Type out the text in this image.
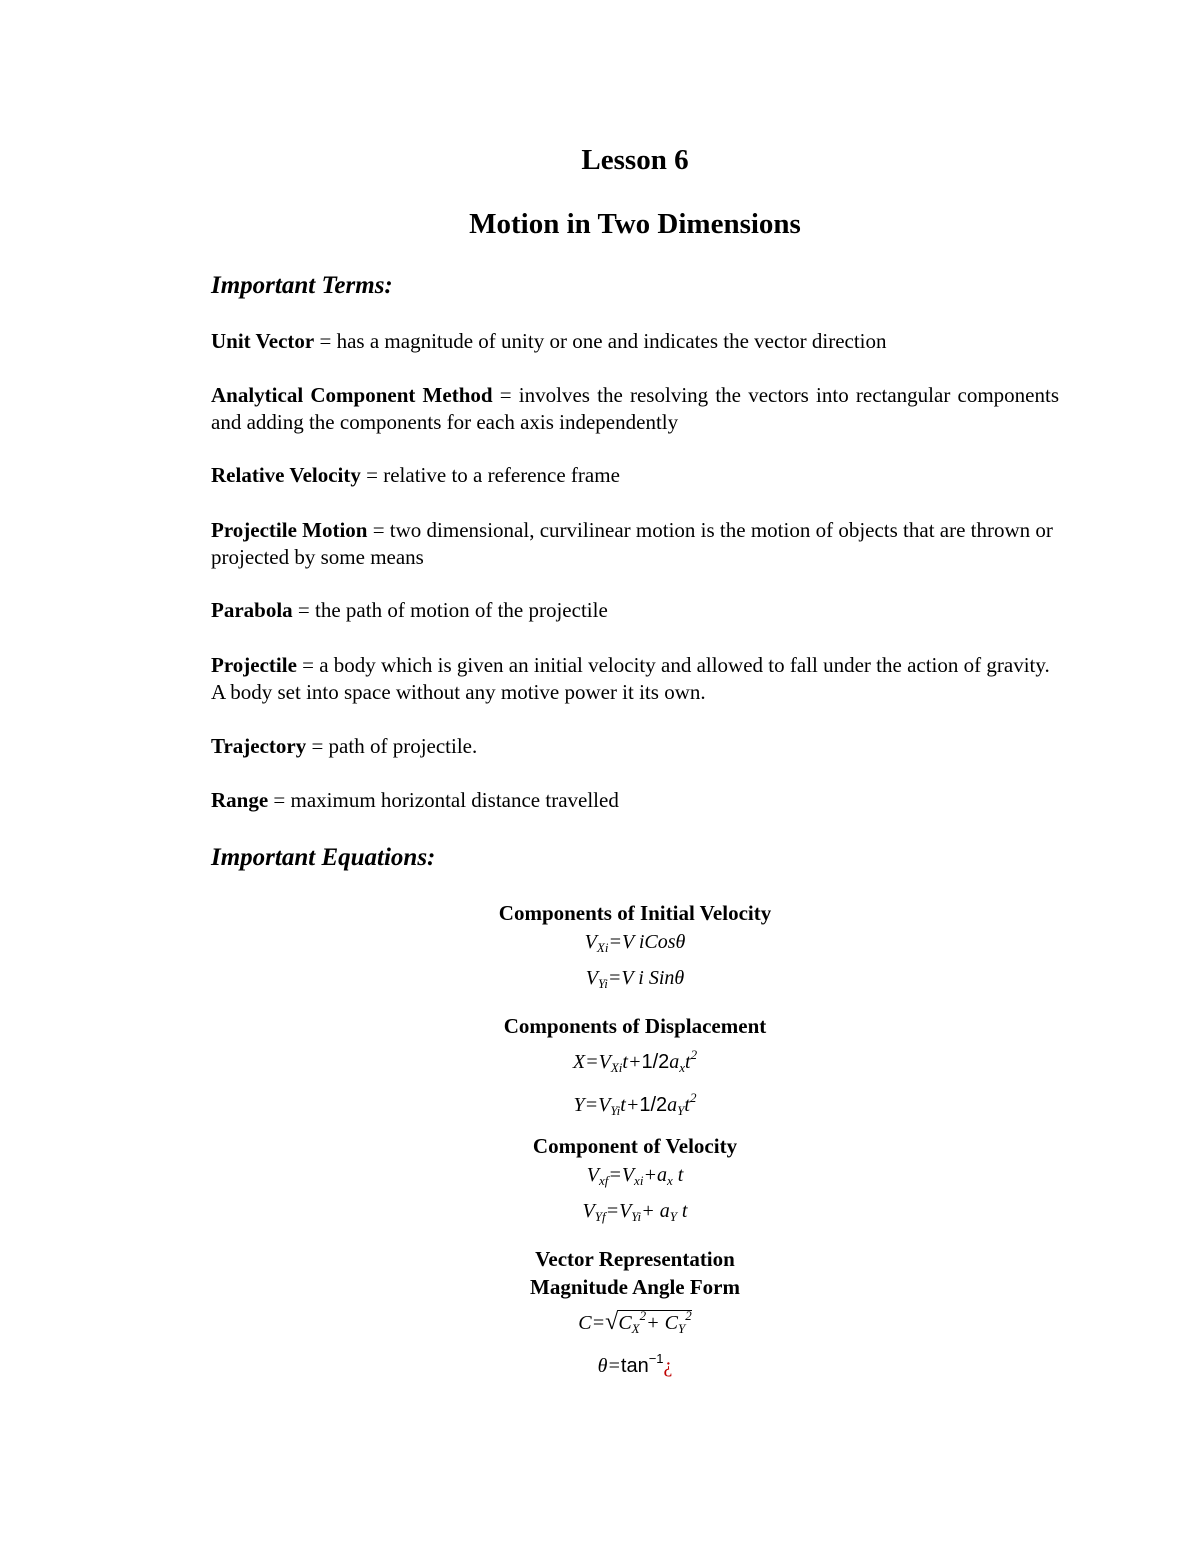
Lesson 6
Motion in Two Dimensions
Important Terms:

Unit Vector = has a magnitude of unity or one and indicates the vector direction

Analytical Component Method = involves the resolving the vectors into rectangular components and adding the components for each axis independently

Relative Velocity = relative to a reference frame

Projectile Motion = two dimensional, curvilinear motion is the motion of objects that are thrown or projected by some means

Parabola = the path of motion of the projectile

Projectile = a body which is given an initial velocity and allowed to fall under the action of gravity. A body set into space without any motive power it its own.

Trajectory = path of projectile.

Range = maximum horizontal distance travelled

Important Equations:

Components of Initial Velocity

$V_{Xi}=V$ iCosθ

$V_{Yi}=V$ i Sinθ

Components of Displacement

$X=V_{Xi}t+1/2a_xt^2$

$Y=V_{Yi}t+1/2a_Yt^2$

Component of Velocity

$V_{xf}=V_{xi}+a_x$ t

$V_{Yf}=V_{Yi}+ a_Y$ t

Vector Representation

Magnitude Angle Form

$C=√C_X^2+ C_Y^2$

$\theta=\tan^{-1}¿$
